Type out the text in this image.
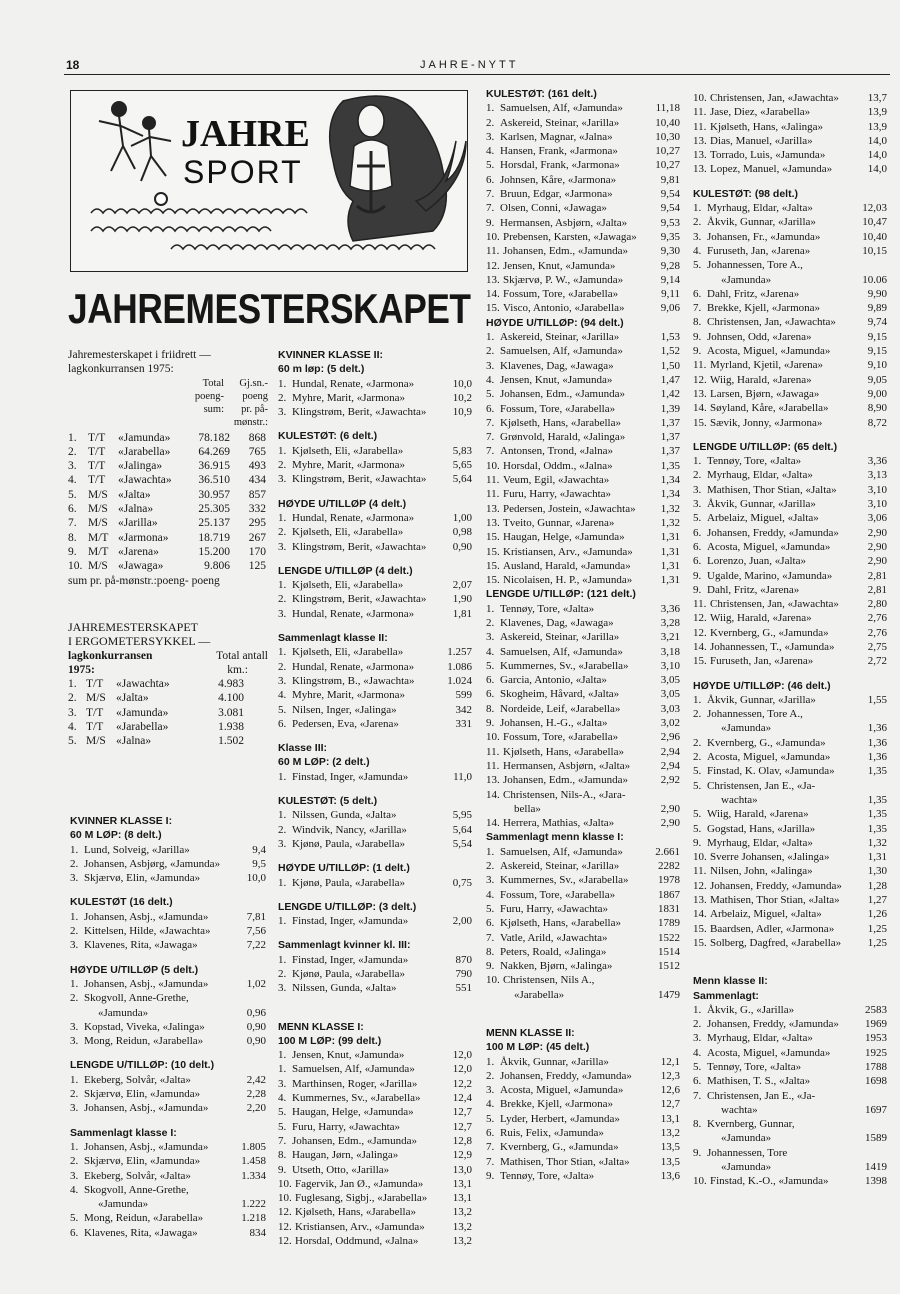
18	JAHRE-NYTT
JAHRE
SPORT
JAHREMESTERSKAPET

Jahremesterskapet i friidrett —

lagkonkurransen 1975:

Total	Gj.sn.-
poeng-	poeng
sum:	pr. på-
mønstr.:
1. T/T	«Jamunda»	78.182	868
2. T/T	«Jarabella»	64.269	765
3. T/T	«Jalinga»	36.915	493
4. T/T	«Jawachta»	36.510	434
5. M/S «Jalta»	30.957	857
6. M/S «Jalna»	25.305	332
7. M/S «Jarilla»	25.137	295
8. M/T «Jarmona»	18.719	267
9. M/T «Jarena»	15.200	170
10. M/S «Jawaga»	9.806	125

sum pr. på-mønstr.:poeng- poeng

JAHREMESTERSKAPET

I ERGOMETERSYKKEL —

lagkonkurransen	Total antall
1975:	km.:
1. T/T	«Jawachta»	4.983
2. M/S «Jalta»	4.100
3. T/T	«Jamunda»	3.081
4. T/T	«Jarabella»	1.938
5. M/S «Jalna»	1.502

KVINNER KLASSE I:

60 M LØP: (8 delt.)

1. Lund, Solveig, «Jarilla»	9,4
2. Johansen, Asbjørg, «Jamunda»	9,5
3. Skjærvø, Elin, «Jamunda»	10,0

KULESTØT (16 delt.)

1. Johansen, Asbj., «Jamunda»	7,81
2. Kittelsen, Hilde, «Jawachta»	7,56
3. Klavenes, Rita, «Jawaga»	7,22

HØYDE U/TILLØP (5 delt.)

1. Johansen, Asbj., «Jamunda»	1,02
2. Skogvoll, Anne-Grethe,
«Jamunda»	0,96
3. Kopstad, Viveka, «Jalinga»	0,90
3. Mong, Reidun, «Jarabella»	0,90

LENGDE U/TILLØP: (10 delt.)

1. Ekeberg, Solvår, «Jalta»	2,42
2. Skjærvø, Elin, «Jamunda»	2,28
3. Johansen, Asbj., «Jamunda»	2,20

Sammenlagt klasse I:

1. Johansen, Asbj., «Jamunda»	1.805
2. Skjærvø, Elin, «Jamunda»	1.458
3. Ekeberg, Solvår, «Jalta»	1.334
4. Skogvoll, Anne-Grethe,
«Jamunda»	1.222
5. Mong, Reidun, «Jarabella»	1.218
6. Klavenes, Rita, «Jawaga»	834

KVINNER KLASSE II:

60 m løp: (5 delt.)

1. Hundal, Renate, «Jarmona»	10,0
2. Myhre, Marit, «Jarmona»	10,2
3. Klingstrøm, Berit, «Jawachta»	10,9

KULESTØT: (6 delt.)

1. Kjølseth, Eli, «Jarabella»	5,83
2. Myhre, Marit, «Jarmona»	5,65
3. Klingstrøm, Berit, «Jawachta»	5,64

HØYDE U/TILLØP (4 delt.)

1. Hundal, Renate, «Jarmona»	1,00
2. Kjølseth, Eli, «Jarabella»	0,98
3. Klingstrøm, Berit, «Jawachta»	0,90

LENGDE U/TILLØP (4 delt.)

1. Kjølseth, Eli, «Jarabella»	2,07
2. Klingstrøm, Berit, «Jawachta»	1,90
3. Hundal, Renate, «Jarmona»	1,81

Sammenlagt klasse II:

1. Kjølseth, Eli, «Jarabella»	1.257
2. Hundal, Renate, «Jarmona»	1.086
3. Klingstrøm, B., «Jawachta»	1.024
4. Myhre, Marit, «Jarmona»	599
5. Nilsen, Inger, «Jalinga»	342
6. Pedersen, Eva, «Jarena»	331

Klasse III:

60 M LØP: (2 delt.)

1. Finstad, Inger, «Jamunda»	11,0

KULESTØT: (5 delt.)

1. Nilssen, Gunda, «Jalta»	5,95
2. Windvik, Nancy, «Jarilla»	5,64
3. Kjønø, Paula, «Jarabella»	5,54

HØYDE U/TILLØP: (1 delt.)

1. Kjønø, Paula, «Jarabella»	0,75

LENGDE U/TILLØP: (3 delt.)

1. Finstad, Inger, «Jamunda»	2,00

Sammenlagt kvinner kl. III:

1. Finstad, Inger, «Jamunda»	870
2. Kjønø, Paula, «Jarabella»	790
3. Nilssen, Gunda, «Jalta»	551

MENN KLASSE I:

100 M LØP: (99 delt.)

1. Jensen, Knut, «Jamunda»	12,0
1. Samuelsen, Alf, «Jamunda»	12,0
3. Marthinsen, Roger, «Jarilla»	12,2
4. Kummernes, Sv., «Jarabella»	12,4
5. Haugan, Helge, «Jamunda»	12,7
5. Furu, Harry, «Jawachta»	12,7
7. Johansen, Edm., «Jamunda»	12,8
8. Haugan, Jørn, «Jalinga»	12,9
9. Utseth, Otto, «Jarilla»	13,0
10. Fagervik, Jan Ø., «Jamunda»	13,1
10. Fuglesang, Sigbj., «Jarabella»	13,1
12. Kjølseth, Hans, «Jarabella»	13,2
12. Kristiansen, Arv., «Jamunda»	13,2
12. Horsdal, Oddmund, «Jalna»	13,2

KULESTØT: (161 delt.)

1. Samuelsen, Alf, «Jamunda»	11,18
2. Askereid, Steinar, «Jarilla»	10,40
3. Karlsen, Magnar, «Jalna»	10,30
4. Hansen, Frank, «Jarmona»	10,27
5. Horsdal, Frank, «Jarmona»	10,27
6. Johnsen, Kåre, «Jarmona»	9,81
7. Bruun, Edgar, «Jarmona»	9,54
7. Olsen, Conni, «Jawaga»	9,54
9. Hermansen, Asbjørn, «Jalta»	9,53
10. Prebensen, Karsten, «Jawaga»	9,35
11. Johansen, Edm., «Jamunda»	9,30
12. Jensen, Knut, «Jamunda»	9,28
13. Skjærvø, P. W., «Jamunda»	9,14
14. Fossum, Tore, «Jarabella»	9,11
15. Visco, Antonio, «Jarabella»	9,06

HØYDE U/TILLØP: (94 delt.)

1. Askereid, Steinar, «Jarilla»	1,53
2. Samuelsen, Alf, «Jamunda»	1,52
3. Klavenes, Dag, «Jawaga»	1,50
4. Jensen, Knut, «Jamunda»	1,47
5. Johansen, Edm., «Jamunda»	1,42
6. Fossum, Tore, «Jarabella»	1,39
7. Kjølseth, Hans, «Jarabella»	1,37
7. Grønvold, Harald, «Jalinga»	1,37
7. Antonsen, Trond, «Jalna»	1,37
10. Horsdal, Oddm., «Jalna»	1,35
11. Veum, Egil, «Jawachta»	1,34
11. Furu, Harry, «Jawachta»	1,34
13. Pedersen, Jostein, «Jawachta»	1,32
13. Tveito, Gunnar, «Jarena»	1,32
15. Haugan, Helge, «Jamunda»	1,31
15. Kristiansen, Arv., «Jamunda»	1,31
15. Ausland, Harald, «Jamunda»	1,31
15. Nicolaisen, H. P., «Jamunda»	1,31

LENGDE U/TILLØP: (121 delt.)

1. Tennøy, Tore, «Jalta»	3,36
2. Klavenes, Dag, «Jawaga»	3,28
3. Askereid, Steinar, «Jarilla»	3,21
4. Samuelsen, Alf, «Jamunda»	3,18
5. Kummernes, Sv., «Jarabella»	3,10
6. Garcia, Antonio, «Jalta»	3,05
6. Skogheim, Håvard, «Jalta»	3,05
8. Nordeide, Leif, «Jarabella»	3,03
9. Johansen, H.-G., «Jalta»	3,02
10. Fossum, Tore, «Jarabella»	2,96
11. Kjølseth, Hans, «Jarabella»	2,94
11. Hermansen, Asbjørn, «Jalta»	2,94
13. Johansen, Edm., «Jamunda»	2,92
14. Christensen, Nils-A., «Jara-
bella»	2,90
14. Herrera, Mathias, «Jalta»	2,90

Sammenlagt menn klasse I:

1. Samuelsen, Alf, «Jamunda»	2.661
2. Askereid, Steinar, «Jarilla»	2282
3. Kummernes, Sv., «Jarabella»	1978
4. Fossum, Tore, «Jarabella»	1867
5. Furu, Harry, «Jawachta»	1831
6. Kjølseth, Hans, «Jarabella»	1789
7. Vatle, Arild, «Jawachta»	1522
8. Peters, Roald, «Jalinga»	1514
9. Nakken, Bjørn, «Jalinga»	1512
10. Christensen, Nils A.,
«Jarabella»	1479

MENN KLASSE II:

100 M LØP: (45 delt.)

1. Åkvik, Gunnar, «Jarilla»	12,1
2. Johansen, Freddy, «Jamunda»	12,3
3. Acosta, Miguel, «Jamunda»	12,6
4. Brekke, Kjell, «Jarmona»	12,7
5. Lyder, Herbert, «Jamunda»	13,1
6. Ruis, Felix, «Jamunda»	13,2
7. Kvernberg, G., «Jamunda»	13,5
7. Mathisen, Thor Stian, «Jalta»	13,5
9. Tennøy, Tore, «Jalta»	13,6
10. Christensen, Jan, «Jawachta»	13,7
11. Jase, Diez, «Jarabella»	13,9
11. Kjølseth, Hans, «Jalinga»	13,9
13. Dias, Manuel, «Jarilla»	14,0
13. Torrado, Luis, «Jamunda»	14,0
13. Lopez, Manuel, «Jamunda»	14,0

KULESTØT: (98 delt.)

1. Myrhaug, Eldar, «Jalta»	12,03
2. Åkvik, Gunnar, «Jarilla»	10,47
3. Johansen, Fr., «Jamunda»	10,40
4. Furuseth, Jan, «Jarena»	10,15
5. Johannessen, Tore A.,
«Jamunda»	10.06
6. Dahl, Fritz, «Jarena»	9,90
7. Brekke, Kjell, «Jarmona»	9,89
8. Christensen, Jan, «Jawachta»	9,74
9. Johnsen, Odd, «Jarena»	9,15
9. Acosta, Miguel, «Jamunda»	9,15
11. Myrland, Kjetil, «Jarena»	9,10
12. Wiig, Harald, «Jarena»	9,05
13. Larsen, Bjørn, «Jawaga»	9,00
14. Søyland, Kåre, «Jarabella»	8,90
15. Sævik, Jonny, «Jarmona»	8,72

LENGDE U/TILLØP: (65 delt.)

1. Tennøy, Tore, «Jalta»	3,36
2. Myrhaug, Eldar, «Jalta»	3,13
3. Mathisen, Thor Stian, «Jalta»	3,10
3. Åkvik, Gunnar, «Jarilla»	3,10
5. Arbelaiz, Miguel, «Jalta»	3,06
6. Johansen, Freddy, «Jamunda»	2,90
6. Acosta, Miguel, «Jamunda»	2,90
6. Lorenzo, Juan, «Jalta»	2,90
9. Ugalde, Marino, «Jamunda»	2,81
9. Dahl, Fritz, «Jarena»	2,81
11. Christensen, Jan, «Jawachta»	2,80
12. Wiig, Harald, «Jarena»	2,76
12. Kvernberg, G., «Jamunda»	2,76
14. Johannessen, T., «Jamunda»	2,75
15. Furuseth, Jan, «Jarena»	2,72

HØYDE U/TILLØP: (46 delt.)

1. Åkvik, Gunnar, «Jarilla»	1,55
2. Johannessen, Tore A.,
«Jamunda»	1,36
2. Kvernberg, G., «Jamunda»	1,36
2. Acosta, Miguel, «Jamunda»	1,36
5. Finstad, K. Olav, «Jamunda»	1,35
5. Christensen, Jan E., «Ja-
wachta»	1,35
5. Wiig, Harald, «Jarena»	1,35
5. Gogstad, Hans, «Jarilla»	1,35
9. Myrhaug, Eldar, «Jalta»	1,32
10. Sverre Johansen, «Jalinga»	1,31
11. Nilsen, John, «Jalinga»	1,30
12. Johansen, Freddy, «Jamunda»	1,28
13. Mathisen, Thor Stian, «Jalta»	1,27
14. Arbelaiz, Miguel, «Jalta»	1,26
15. Baardsen, Adler, «Jarmona»	1,25
15. Solberg, Dagfred, «Jarabella»	1,25

Menn klasse II:

Sammenlagt:

1. Åkvik, G., «Jarilla»	2583
2. Johansen, Freddy, «Jamunda»	1969
3. Myrhaug, Eldar, «Jalta»	1953
4. Acosta, Miguel, «Jamunda»	1925
5. Tennøy, Tore, «Jalta»	1788
6. Mathisen, T. S., «Jalta»	1698
7. Christensen, Jan E., «Ja-
wachta»	1697
8. Kvernberg, Gunnar,
«Jamunda»	1589
9. Johannessen, Tore
«Jamunda»	1419
10. Finstad, K.-O., «Jamunda»	1398
